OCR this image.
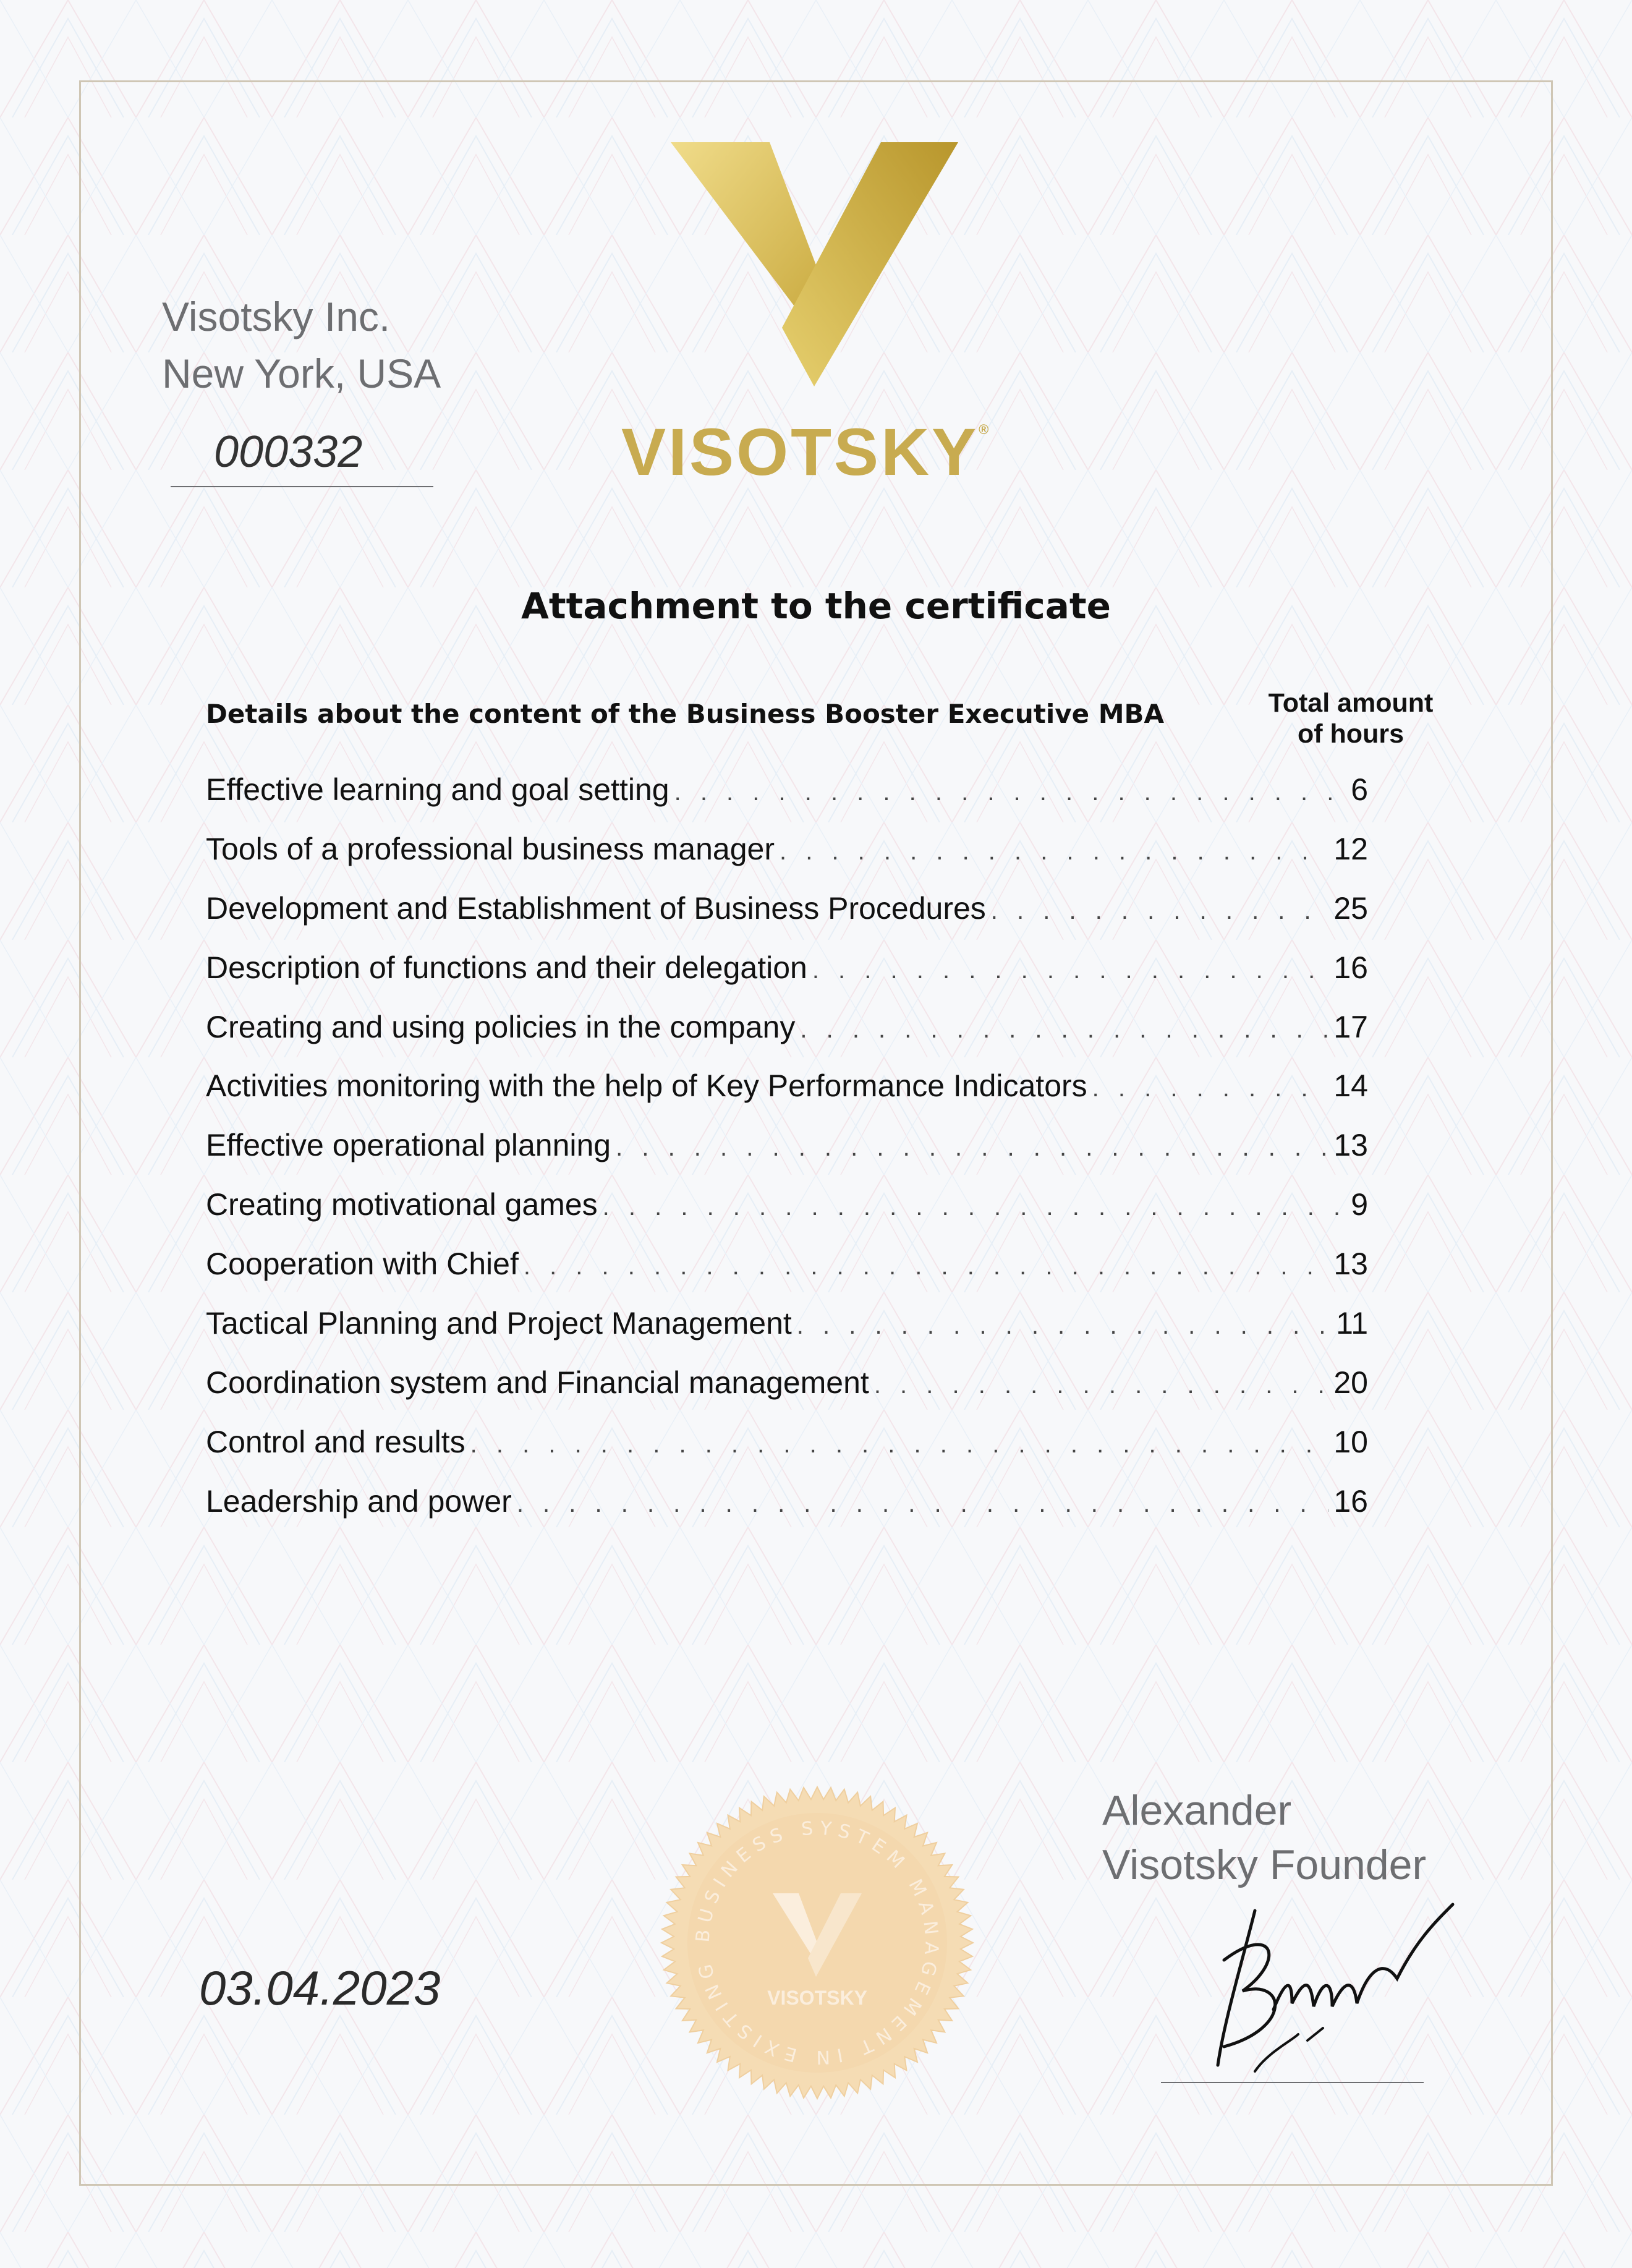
Visotsky Inc.
New York, USA
000332	VISOTSKY®
Attachment to the certificate
Details about the content of the Business Booster Executive MBA	Total amount
of hours
Effective learning and goal setting . . .	6
Tools of a professional business manager . . .	12
Development and Establishment of Business Procedures . . .	25
Description of functions and their delegation . . .	16
Creating and using policies in the company . . .	17
Activities monitoring with the help of Key Performance Indicators . . .	14
Effective operational planning . . .	13
Creating motivational games . . .	9
Cooperation with Chief . . .	13
Tactical Planning and Project Management . . .	11
Coordination system and Financial management . . .	20
Control and results . . .	10
Leadership and power . . .	16
03.04.2023
BUSINESS SYSTEM MANAGEMENT IN EXISTING
VISOTSKY
Alexander
Visotsky Founder
